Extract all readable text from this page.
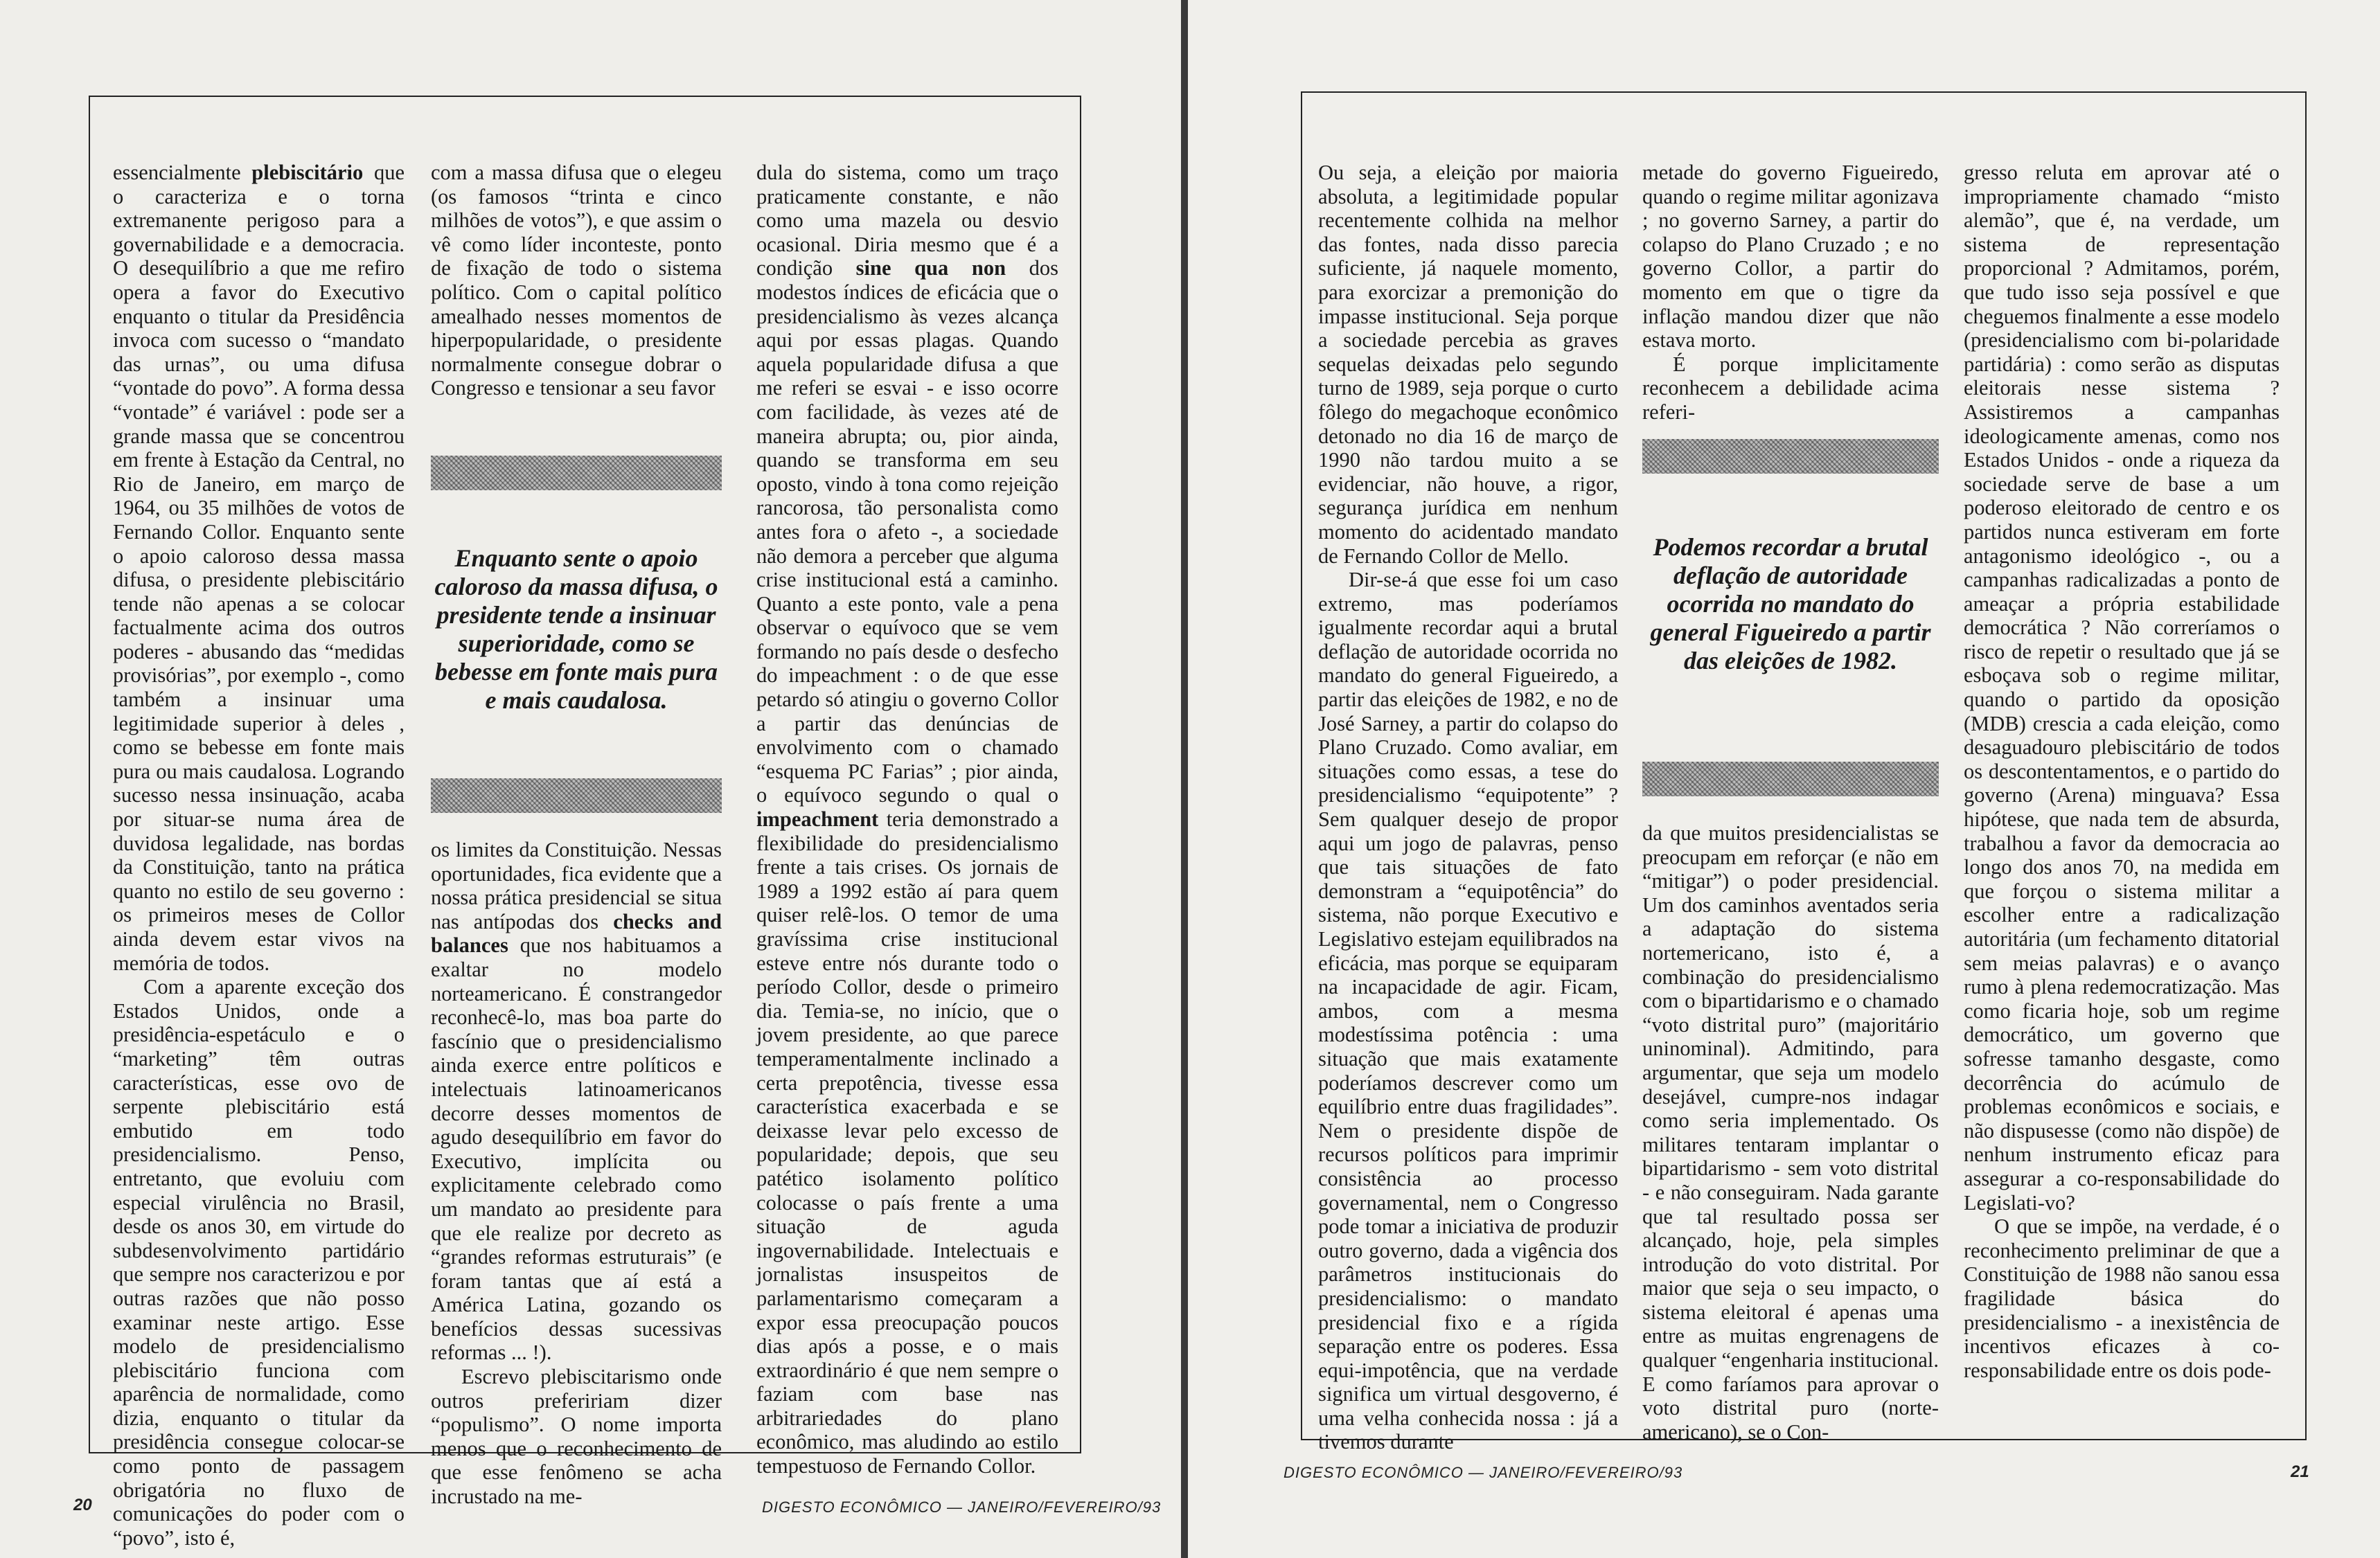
essencialmente plebiscitário que o caracteriza e o torna extremanente perigoso para a governabilidade e a democracia. O desequilíbrio a que me refiro opera a favor do Executivo enquanto o titular da Presidência invoca com sucesso o “mandato das urnas”, ou uma difusa “vontade do povo”. A forma dessa “vontade” é variável : pode ser a grande massa que se concentrou em frente à Estação da Central, no Rio de Janeiro, em março de 1964, ou 35 milhões de votos de Fernando Collor. Enquanto sente o apoio caloroso dessa massa difusa, o presidente plebiscitário tende não apenas a se colocar factualmente acima dos outros poderes - abusando das “medidas provisórias”, por exemplo -, como também a insinuar uma legitimidade superior à deles , como se bebesse em fonte mais pura ou mais caudalosa. Logrando sucesso nessa insinuação, acaba por situar-se numa área de duvidosa legalidade, nas bordas da Constituição, tanto na prática quanto no estilo de seu governo : os primeiros meses de Collor ainda devem estar vivos na memória de todos.

Com a aparente exceção dos Estados Unidos, onde a presidência-espetáculo e o “marketing” têm outras características, esse ovo de serpente plebiscitário está embutido em todo presidencialismo. Penso, entretanto, que evoluiu com especial virulência no Brasil, desde os anos 30, em virtude do subdesenvolvimento partidário que sempre nos caracterizou e por outras razões que não posso examinar neste artigo. Esse modelo de presidencialismo plebiscitário funciona com aparência de normalidade, como dizia, enquanto o titular da presidência consegue colocar-se como ponto de passagem obrigatória no fluxo de comunicações do poder com o “povo”, isto é,

com a massa difusa que o elegeu (os famosos “trinta e cinco milhões de votos”), e que assim o vê como líder inconteste, ponto de fixação de todo o sistema político. Com o capital político amealhado nesses momentos de hiperpopularidade, o presidente normalmente consegue dobrar o Congresso e tensionar a seu favor

Enquanto sente o apoio caloroso da massa difusa, o presidente tende a insinuar superioridade, como se bebesse em fonte mais pura e mais caudalosa.

os limites da Constituição. Nessas oportunidades, fica evidente que a nossa prática presidencial se situa nas antípodas dos checks and balances que nos habituamos a exaltar no modelo norteamericano. É constrangedor reconhecê-lo, mas boa parte do fascínio que o presidencialismo ainda exerce entre políticos e intelectuais latinoamericanos decorre desses momentos de agudo desequilíbrio em favor do Executivo, implícita ou explicitamente celebrado como um mandato ao presidente para que ele realize por decreto as “grandes reformas estruturais” (e foram tantas que aí está a América Latina, gozando os benefícios dessas sucessivas reformas ... !).

Escrevo plebiscitarismo onde outros prefeririam dizer “populismo”. O nome importa menos que o reconhecimento de que esse fenômeno se acha incrustado na me-

dula do sistema, como um traço praticamente constante, e não como uma mazela ou desvio ocasional. Diria mesmo que é a condição sine qua non dos modestos índices de eficácia que o presidencialismo às vezes alcança aqui por essas plagas. Quando aquela popularidade difusa a que me referi se esvai - e isso ocorre com facilidade, às vezes até de maneira abrupta; ou, pior ainda, quando se transforma em seu oposto, vindo à tona como rejeição rancorosa, tão personalista como antes fora o afeto -, a sociedade não demora a perceber que alguma crise institucional está a caminho. Quanto a este ponto, vale a pena observar o equívoco que se vem formando no país desde o desfecho do impeachment : o de que esse petardo só atingiu o governo Collor a partir das denúncias de envolvimento com o chamado “esquema PC Farias” ; pior ainda, o equívoco segundo o qual o impeachment teria demonstrado a flexibilidade do presidencialismo frente a tais crises. Os jornais de 1989 a 1992 estão aí para quem quiser relê-los. O temor de uma gravíssima crise institucional esteve entre nós durante todo o período Collor, desde o primeiro dia. Temia-se, no início, que o jovem presidente, ao que parece temperamentalmente inclinado a certa prepotência, tivesse essa característica exacerbada e se deixasse levar pelo excesso de popularidade; depois, que seu patético isolamento político colocasse o país frente a uma situação de aguda ingovernabilidade. Intelectuais e jornalistas insuspeitos de parlamentarismo começaram a expor essa preocupação poucos dias após a posse, e o mais extraordinário é que nem sempre o faziam com base nas arbitrariedades do plano econômico, mas aludindo ao estilo tempestuoso de Fernando Collor.

20	DIGESTO ECONÔMICO — JANEIRO/FEVEREIRO/93

Ou seja, a eleição por maioria absoluta, a legitimidade popular recentemente colhida na melhor das fontes, nada disso parecia suficiente, já naquele momento, para exorcizar a premonição do impasse institucional. Seja porque a sociedade percebia as graves sequelas deixadas pelo segundo turno de 1989, seja porque o curto fôlego do megachoque econômico detonado no dia 16 de março de 1990 não tardou muito a se evidenciar, não houve, a rigor, segurança jurídica em nenhum momento do acidentado mandato de Fernando Collor de Mello.

Dir-se-á que esse foi um caso extremo, mas poderíamos igualmente recordar aqui a brutal deflação de autoridade ocorrida no mandato do general Figueiredo, a partir das eleições de 1982, e no de José Sarney, a partir do colapso do Plano Cruzado. Como avaliar, em situações como essas, a tese do presidencialismo “equipotente” ? Sem qualquer desejo de propor aqui um jogo de palavras, penso que tais situações de fato demonstram a “equipotência” do sistema, não porque Executivo e Legislativo estejam equilibrados na eficácia, mas porque se equiparam na incapacidade de agir. Ficam, ambos, com a mesma modestíssima potência : uma situação que mais exatamente poderíamos descrever como um equilíbrio entre duas fragilidades”. Nem o presidente dispõe de recursos políticos para imprimir consistência ao processo governamental, nem o Congresso pode tomar a iniciativa de produzir outro governo, dada a vigência dos parâmetros institucionais do presidencialismo: o mandato presidencial fixo e a rígida separação entre os poderes. Essa equi-impotência, que na verdade significa um virtual desgoverno, é uma velha conhecida nossa : já a tivemos durante

metade do governo Figueiredo, quando o regime militar agonizava ; no governo Sarney, a partir do colapso do Plano Cruzado ; e no governo Collor, a partir do momento em que o tigre da inflação mandou dizer que não estava morto.

É porque implicitamente reconhecem a debilidade acima referi-

Podemos recordar a brutal deflação de autoridade ocorrida no mandato do general Figueiredo a partir das eleições de 1982.

da que muitos presidencialistas se preocupam em reforçar (e não em “mitigar”) o poder presidencial. Um dos caminhos aventados seria a adaptação do sistema nortemericano, isto é, a combinação do presidencialismo com o bipartidarismo e o chamado “voto distrital puro” (majoritário uninominal). Admitindo, para argumentar, que seja um modelo desejável, cumpre-nos indagar como seria implementado. Os militares tentaram implantar o bipartidarismo - sem voto distrital - e não conseguiram. Nada garante que tal resultado possa ser alcançado, hoje, pela simples introdução do voto distrital. Por maior que seja o seu impacto, o sistema eleitoral é apenas uma entre as muitas engrenagens de qualquer “engenharia institucional. E como faríamos para aprovar o voto distrital puro (norte-americano), se o Con-

gresso reluta em aprovar até o impropriamente chamado “misto alemão”, que é, na verdade, um sistema de representação proporcional ? Admitamos, porém, que tudo isso seja possível e que cheguemos finalmente a esse modelo (presidencialismo com bi-polaridade partidária) : como serão as disputas eleitorais nesse sistema ? Assistiremos a campanhas ideologicamente amenas, como nos Estados Unidos - onde a riqueza da sociedade serve de base a um poderoso eleitorado de centro e os partidos nunca estiveram em forte antagonismo ideológico -, ou a campanhas radicalizadas a ponto de ameaçar a própria estabilidade democrática ? Não correríamos o risco de repetir o resultado que já se esboçava sob o regime militar, quando o partido da oposição (MDB) crescia a cada eleição, como desaguadouro plebiscitário de todos os descontentamentos, e o partido do governo (Arena) minguava? Essa hipótese, que nada tem de absurda, trabalhou a favor da democracia ao longo dos anos 70, na medida em que forçou o sistema militar a escolher entre a radicalização autoritária (um fechamento ditatorial sem meias palavras) e o avanço rumo à plena redemocratização. Mas como ficaria hoje, sob um regime democrático, um governo que sofresse tamanho desgaste, como decorrência do acúmulo de problemas econômicos e sociais, e não dispusesse (como não dispõe) de nenhum instrumento eficaz para assegurar a co-responsabilidade do Legislati-vo?

O que se impõe, na verdade, é o reconhecimento preliminar de que a Constituição de 1988 não sanou essa fragilidade básica do presidencialismo - a inexistência de incentivos eficazes à co-responsabilidade entre os dois pode-

DIGESTO ECONÔMICO — JANEIRO/FEVEREIRO/93	21
